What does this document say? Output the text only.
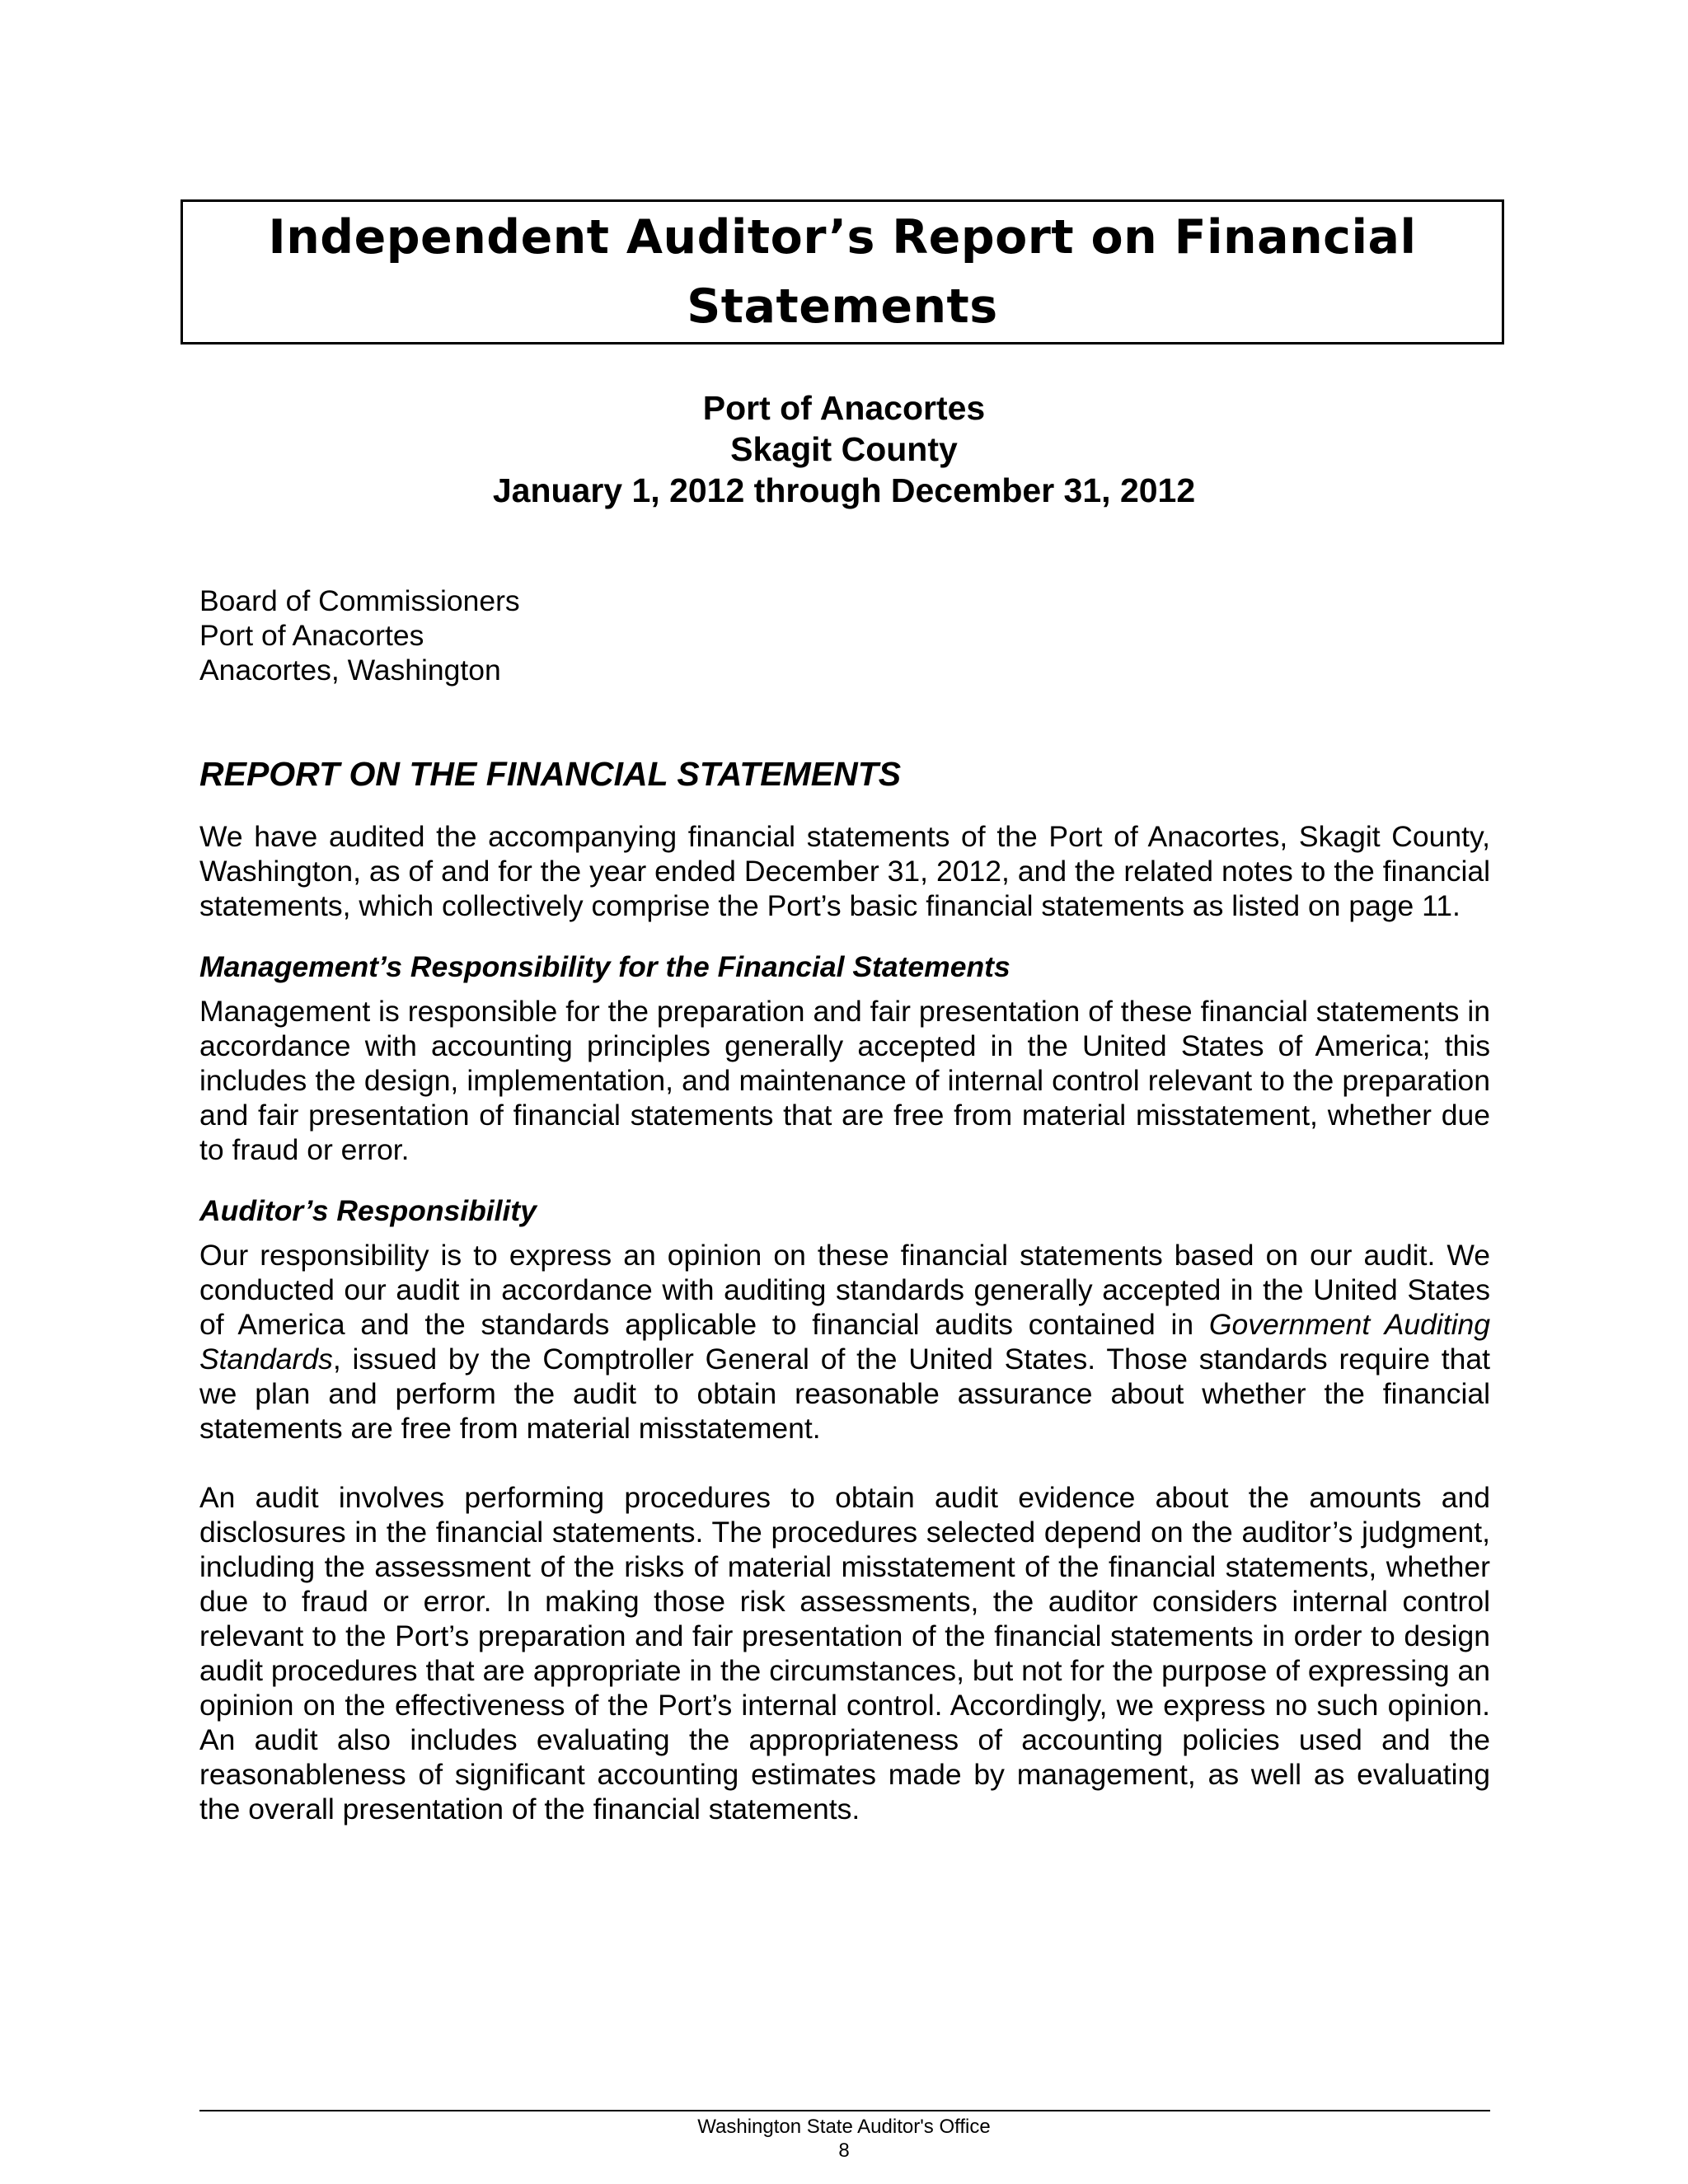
Independent Auditor’s Report on Financial Statements
Port of Anacortes
Skagit County
January 1, 2012 through December 31, 2012
Board of Commissioners
Port of Anacortes
Anacortes, Washington
REPORT ON THE FINANCIAL STATEMENTS

We have audited the accompanying financial statements of the Port of Anacortes, Skagit County, Washington, as of and for the year ended December 31, 2012, and the related notes to the financial statements, which collectively comprise the Port’s basic financial statements as listed on page 11.

Management’s Responsibility for the Financial Statements

Management is responsible for the preparation and fair presentation of these financial statements in accordance with accounting principles generally accepted in the United States of America; this includes the design, implementation, and maintenance of internal control relevant to the preparation and fair presentation of financial statements that are free from material misstatement, whether due to fraud or error.

Auditor’s Responsibility

Our responsibility is to express an opinion on these financial statements based on our audit. We conducted our audit in accordance with auditing standards generally accepted in the United States of America and the standards applicable to financial audits contained in Government Auditing Standards, issued by the Comptroller General of the United States. Those standards require that we plan and perform the audit to obtain reasonable assurance about whether the financial statements are free from material misstatement.

An audit involves performing procedures to obtain audit evidence about the amounts and disclosures in the financial statements. The procedures selected depend on the auditor’s judgment, including the assessment of the risks of material misstatement of the financial statements, whether due to fraud or error. In making those risk assessments, the auditor considers internal control relevant to the Port’s preparation and fair presentation of the financial statements in order to design audit procedures that are appropriate in the circumstances, but not for the purpose of expressing an opinion on the effectiveness of the Port’s internal control. Accordingly, we express no such opinion. An audit also includes evaluating the appropriateness of accounting policies used and the reasonableness of significant accounting estimates made by management, as well as evaluating the overall presentation of the financial statements.

Washington State Auditor's Office
8
